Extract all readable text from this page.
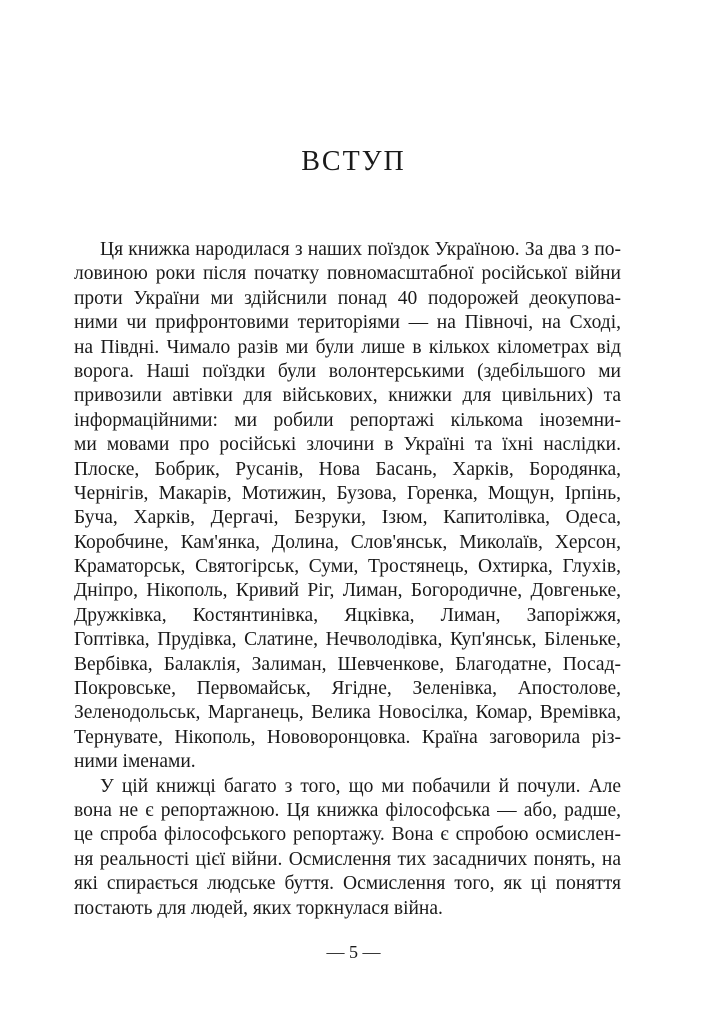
ВСТУП
Ця книжка народилася з наших поїздок Україною. За два з по-
ловиною роки після початку повномасштабної російської війни
проти України ми здійснили понад 40 подорожей деокупова-
ними чи прифронтовими територіями — на Півночі, на Сході,
на Півдні. Чимало разів ми були лише в кількох кілометрах від
ворога. Наші поїздки були волонтерськими (здебільшого ми
привозили автівки для військових, книжки для цивільних) та
інформаційними: ми робили репортажі кількома іноземни-
ми мовами про російські злочини в Україні та їхні наслідки.
Плоске, Бобрик, Русанів, Нова Басань, Харків, Бородянка,
Чернігів, Макарів, Мотижин, Бузова, Горенка, Мощун, Ірпінь,
Буча, Харків, Дергачі, Безруки, Ізюм, Капитолівка, Одеса,
Коробчине, Кам'янка, Долина, Слов'янськ, Миколаїв, Херсон,
Краматорськ, Святогірськ, Суми, Тростянець, Охтирка, Глухів,
Дніпро, Нікополь, Кривий Ріг, Лиман, Богородичне, Довгеньке,
Дружківка, Костянтинівка, Яцківка, Лиман, Запоріжжя,
Гоптівка, Прудівка, Слатине, Нечволодівка, Куп'янськ, Біленьке,
Вербівка, Балаклія, Залиман, Шевченкове, Благодатне, Посад-
Покровське, Первомайськ, Ягідне, Зеленівка, Апостолове,
Зеленодольськ, Марганець, Велика Новосілка, Комар, Времівка,
Тернувате, Нікополь, Нововоронцовка. Країна заговорила різ-
ними іменами.
У цій книжці багато з того, що ми побачили й почули. Але
вона не є репортажною. Ця книжка філософська — або, радше,
це спроба філософського репортажу. Вона є спробою осмислен-
ня реальності цієї війни. Осмислення тих засадничих понять, на
які спирається людське буття. Осмислення того, як ці поняття
постають для людей, яких торкнулася війна.
— 5 —
